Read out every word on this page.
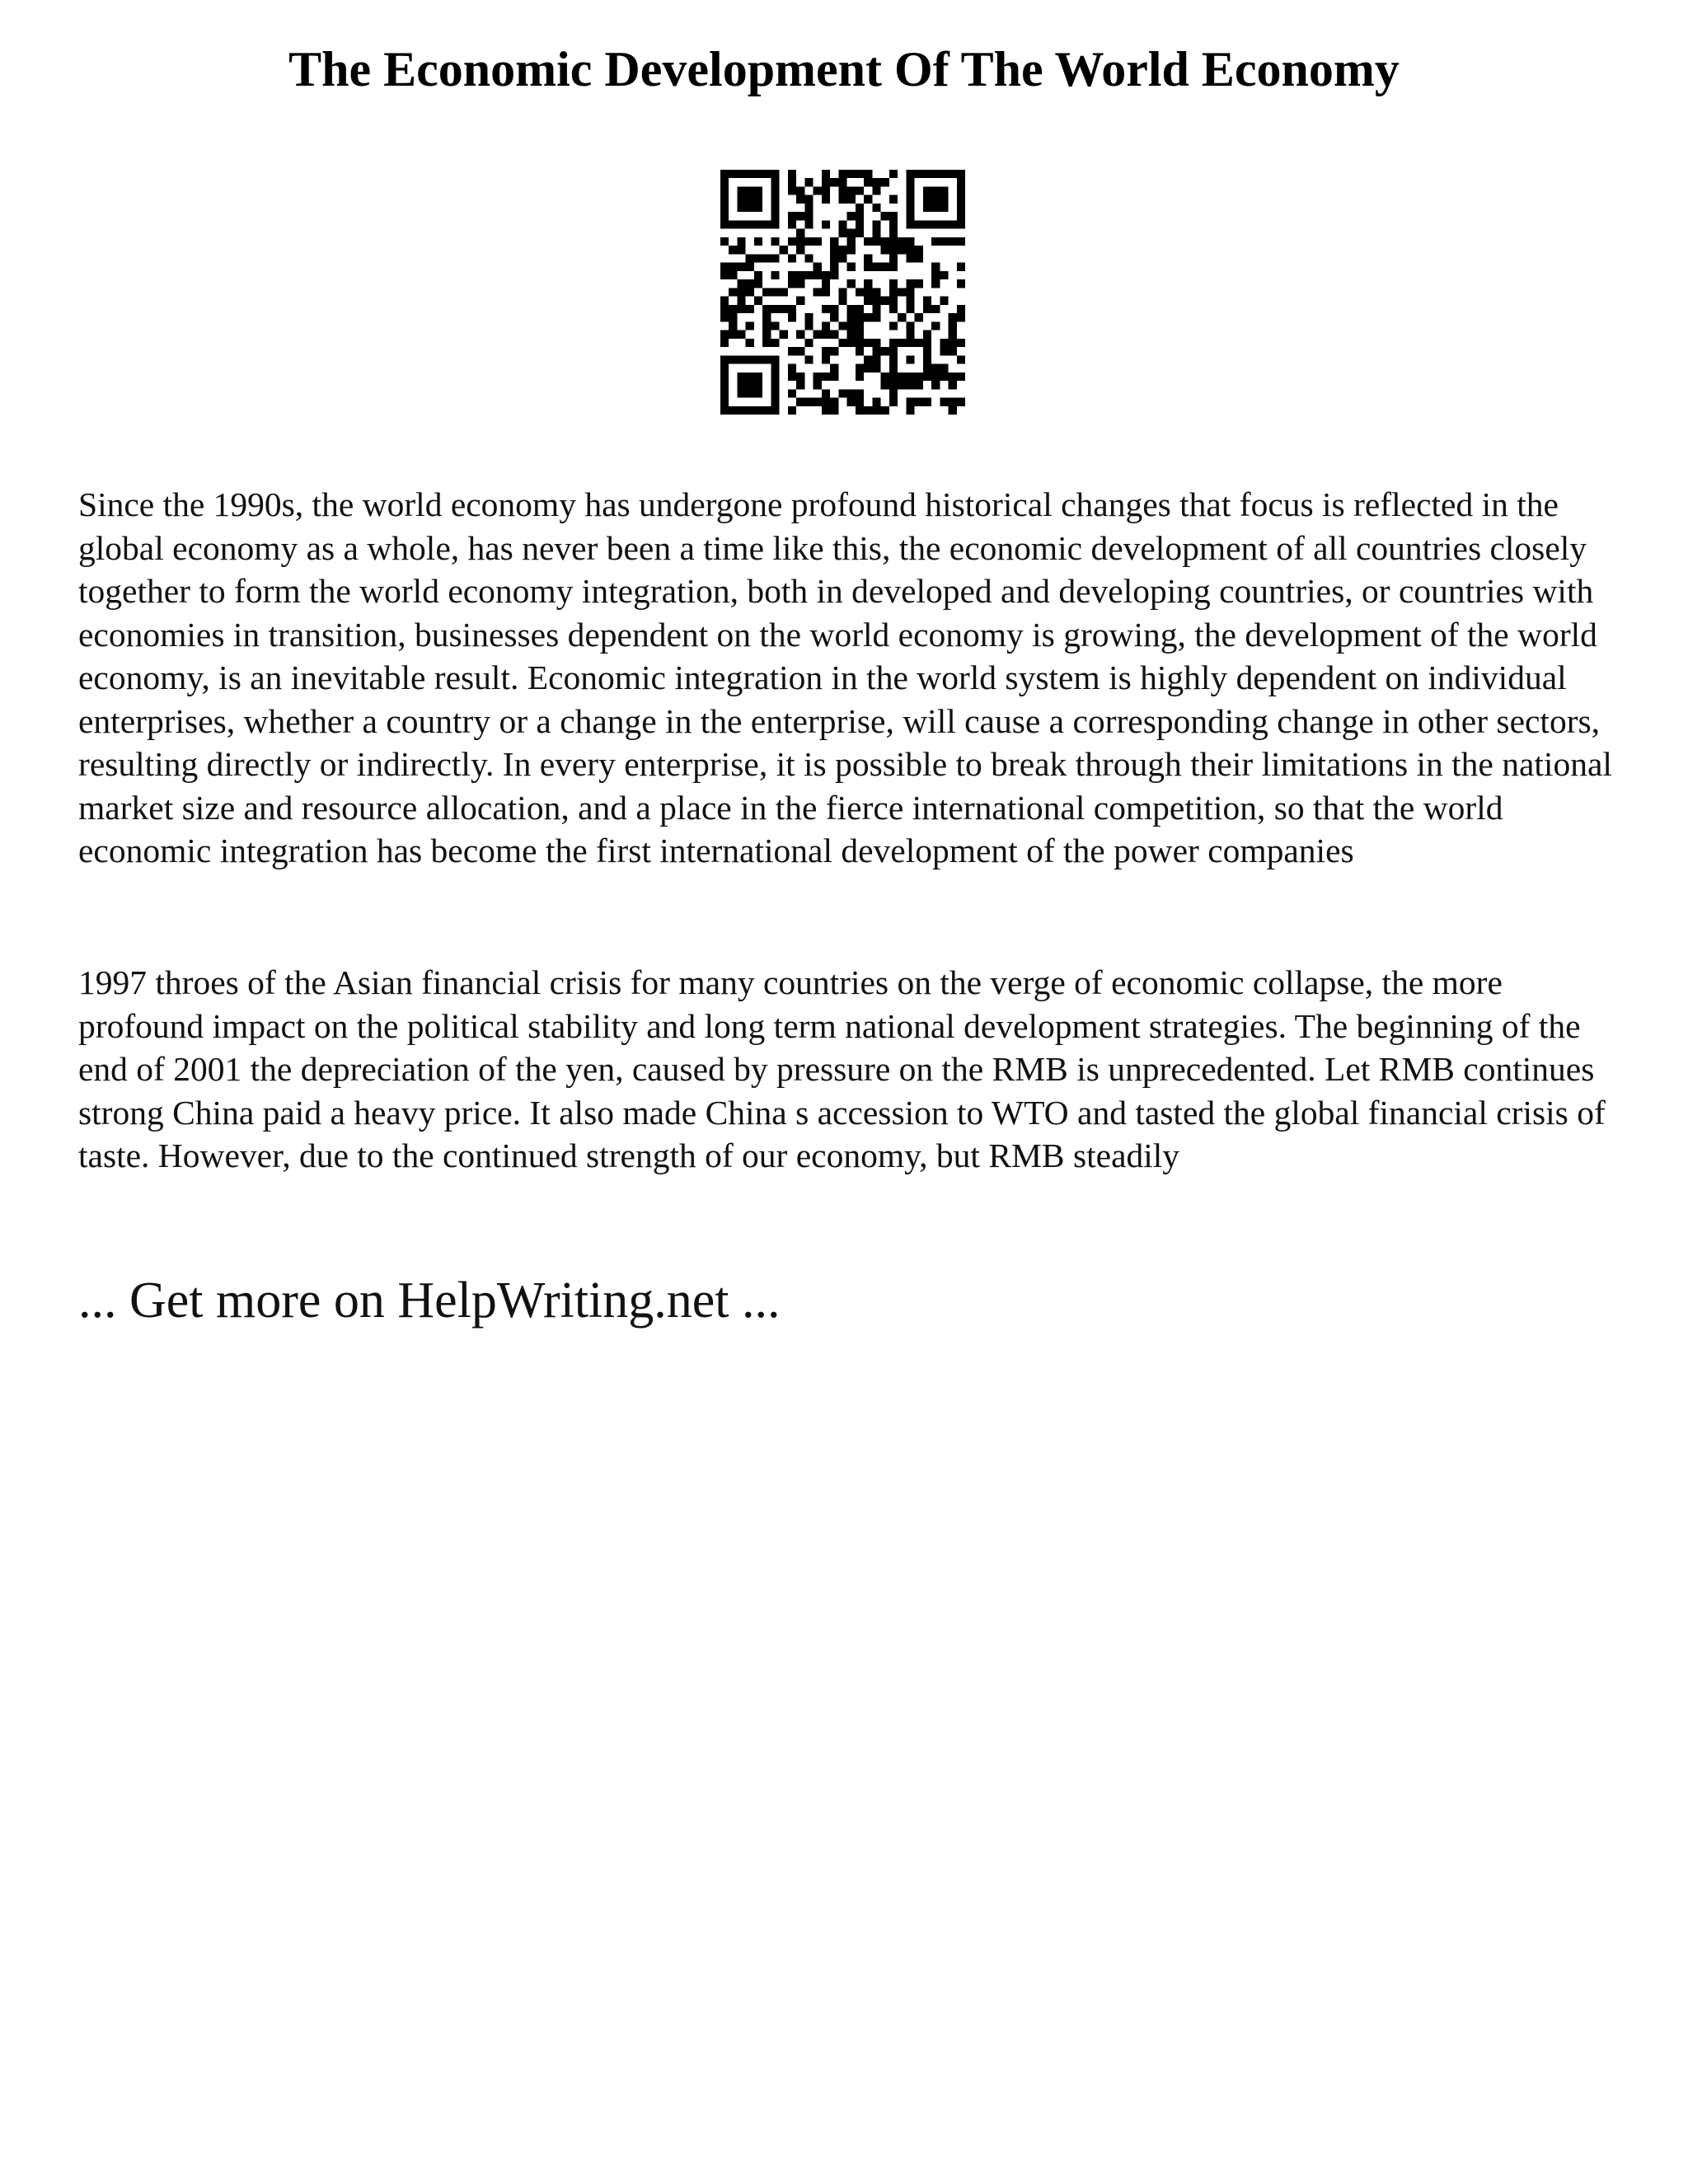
The Economic Development Of The World Economy

Since the 1990s, the world economy has undergone profound historical changes that focus is reflected in the global economy as a whole, has never been a time like this, the economic development of all countries closely together to form the world economy integration, both in developed and developing countries, or countries with economies in transition, businesses dependent on the world economy is growing, the development of the world economy, is an inevitable result. Economic integration in the world system is highly dependent on individual enterprises, whether a country or a change in the enterprise, will cause a corresponding change in other sectors, resulting directly or indirectly. In every enterprise, it is possible to break through their limitations in the national market size and resource allocation, and a place in the fierce international competition, so that the world economic integration has become the first international development of the power companies

1997 throes of the Asian financial crisis for many countries on the verge of economic collapse, the more profound impact on the political stability and long term national development strategies. The beginning of the end of 2001 the depreciation of the yen, caused by pressure on the RMB is unprecedented. Let RMB continues strong China paid a heavy price. It also made China s accession to WTO and tasted the global financial crisis of taste. However, due to the continued strength of our economy, but RMB steadily

... Get more on HelpWriting.net ...
